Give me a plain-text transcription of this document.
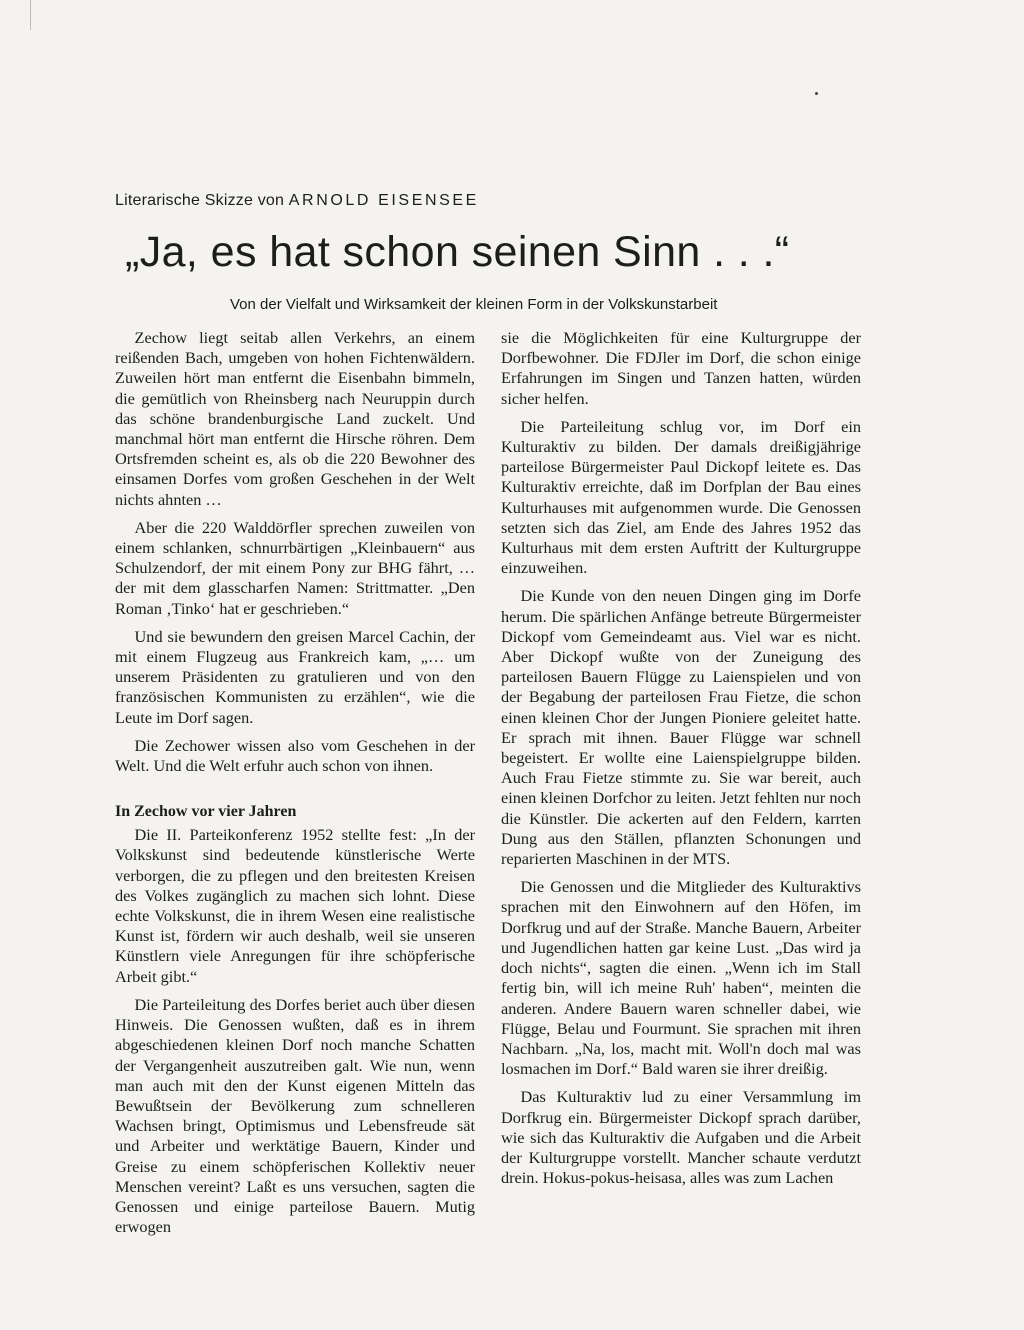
Literarische Skizze von ARNOLD EISENSEE
„Ja, es hat schon seinen Sinn . . .“
Von der Vielfalt und Wirksamkeit der kleinen Form in der Volkskunstarbeit

Zechow liegt seitab allen Verkehrs, an einem reißenden Bach, umgeben von hohen Fichtenwäldern. Zuweilen hört man entfernt die Eisenbahn bimmeln, die gemütlich von Rheinsberg nach Neuruppin durch das schöne brandenburgische Land zuckelt. Und manchmal hört man entfernt die Hirsche röhren. Dem Ortsfremden scheint es, als ob die 220 Bewohner des einsamen Dorfes vom großen Geschehen in der Welt nichts ahnten …

Aber die 220 Walddörfler sprechen zuweilen von einem schlanken, schnurrbärtigen „Kleinbauern“ aus Schulzendorf, der mit einem Pony zur BHG fährt, … der mit dem glasscharfen Namen: Strittmatter. „Den Roman ‚Tinko‘ hat er geschrieben.“

Und sie bewundern den greisen Marcel Cachin, der mit einem Flugzeug aus Frankreich kam, „… um unserem Präsidenten zu gratulieren und von den französischen Kommunisten zu erzählen“, wie die Leute im Dorf sagen.

Die Zechower wissen also vom Geschehen in der Welt. Und die Welt erfuhr auch schon von ihnen.

In Zechow vor vier Jahren

Die II. Parteikonferenz 1952 stellte fest: „In der Volkskunst sind bedeutende künstlerische Werte verborgen, die zu pflegen und den breitesten Kreisen des Volkes zugänglich zu machen sich lohnt. Diese echte Volkskunst, die in ihrem Wesen eine realistische Kunst ist, fördern wir auch deshalb, weil sie unseren Künstlern viele Anregungen für ihre schöpferische Arbeit gibt.“

Die Parteileitung des Dorfes beriet auch über diesen Hinweis. Die Genossen wußten, daß es in ihrem abgeschiedenen kleinen Dorf noch manche Schatten der Vergangenheit auszutreiben galt. Wie nun, wenn man auch mit den der Kunst eigenen Mitteln das Bewußtsein der Bevölkerung zum schnelleren Wachsen bringt, Optimismus und Lebensfreude sät und Arbeiter und werktätige Bauern, Kinder und Greise zu einem schöpferischen Kollektiv neuer Menschen vereint? Laßt es uns versuchen, sagten die Genossen und einige parteilose Bauern. Mutig erwogen

sie die Möglichkeiten für eine Kulturgruppe der Dorfbewohner. Die FDJler im Dorf, die schon einige Erfahrungen im Singen und Tanzen hatten, würden sicher helfen.

Die Parteileitung schlug vor, im Dorf ein Kulturaktiv zu bilden. Der damals dreißigjährige parteilose Bürgermeister Paul Dickopf leitete es. Das Kulturaktiv erreichte, daß im Dorfplan der Bau eines Kulturhauses mit aufgenommen wurde. Die Genossen setzten sich das Ziel, am Ende des Jahres 1952 das Kulturhaus mit dem ersten Auftritt der Kulturgruppe einzuweihen.

Die Kunde von den neuen Dingen ging im Dorfe herum. Die spärlichen Anfänge betreute Bürgermeister Dickopf vom Gemeindeamt aus. Viel war es nicht. Aber Dickopf wußte von der Zuneigung des parteilosen Bauern Flügge zu Laienspielen und von der Begabung der parteilosen Frau Fietze, die schon einen kleinen Chor der Jungen Pioniere geleitet hatte. Er sprach mit ihnen. Bauer Flügge war schnell begeistert. Er wollte eine Laienspielgruppe bilden. Auch Frau Fietze stimmte zu. Sie war bereit, auch einen kleinen Dorfchor zu leiten. Jetzt fehlten nur noch die Künstler. Die ackerten auf den Feldern, karrten Dung aus den Ställen, pflanzten Schonungen und reparierten Maschinen in der MTS.

Die Genossen und die Mitglieder des Kulturaktivs sprachen mit den Einwohnern auf den Höfen, im Dorfkrug und auf der Straße. Manche Bauern, Arbeiter und Jugendlichen hatten gar keine Lust. „Das wird ja doch nichts“, sagten die einen. „Wenn ich im Stall fertig bin, will ich meine Ruh' haben“, meinten die anderen. Andere Bauern waren schneller dabei, wie Flügge, Belau und Fourmunt. Sie sprachen mit ihren Nachbarn. „Na, los, macht mit. Woll'n doch mal was losmachen im Dorf.“ Bald waren sie ihrer dreißig.

Das Kulturaktiv lud zu einer Versammlung im Dorfkrug ein. Bürgermeister Dickopf sprach darüber, wie sich das Kulturaktiv die Aufgaben und die Arbeit der Kulturgruppe vorstellt. Mancher schaute verdutzt drein. Hokus-pokus-heisasa, alles was zum Lachen
